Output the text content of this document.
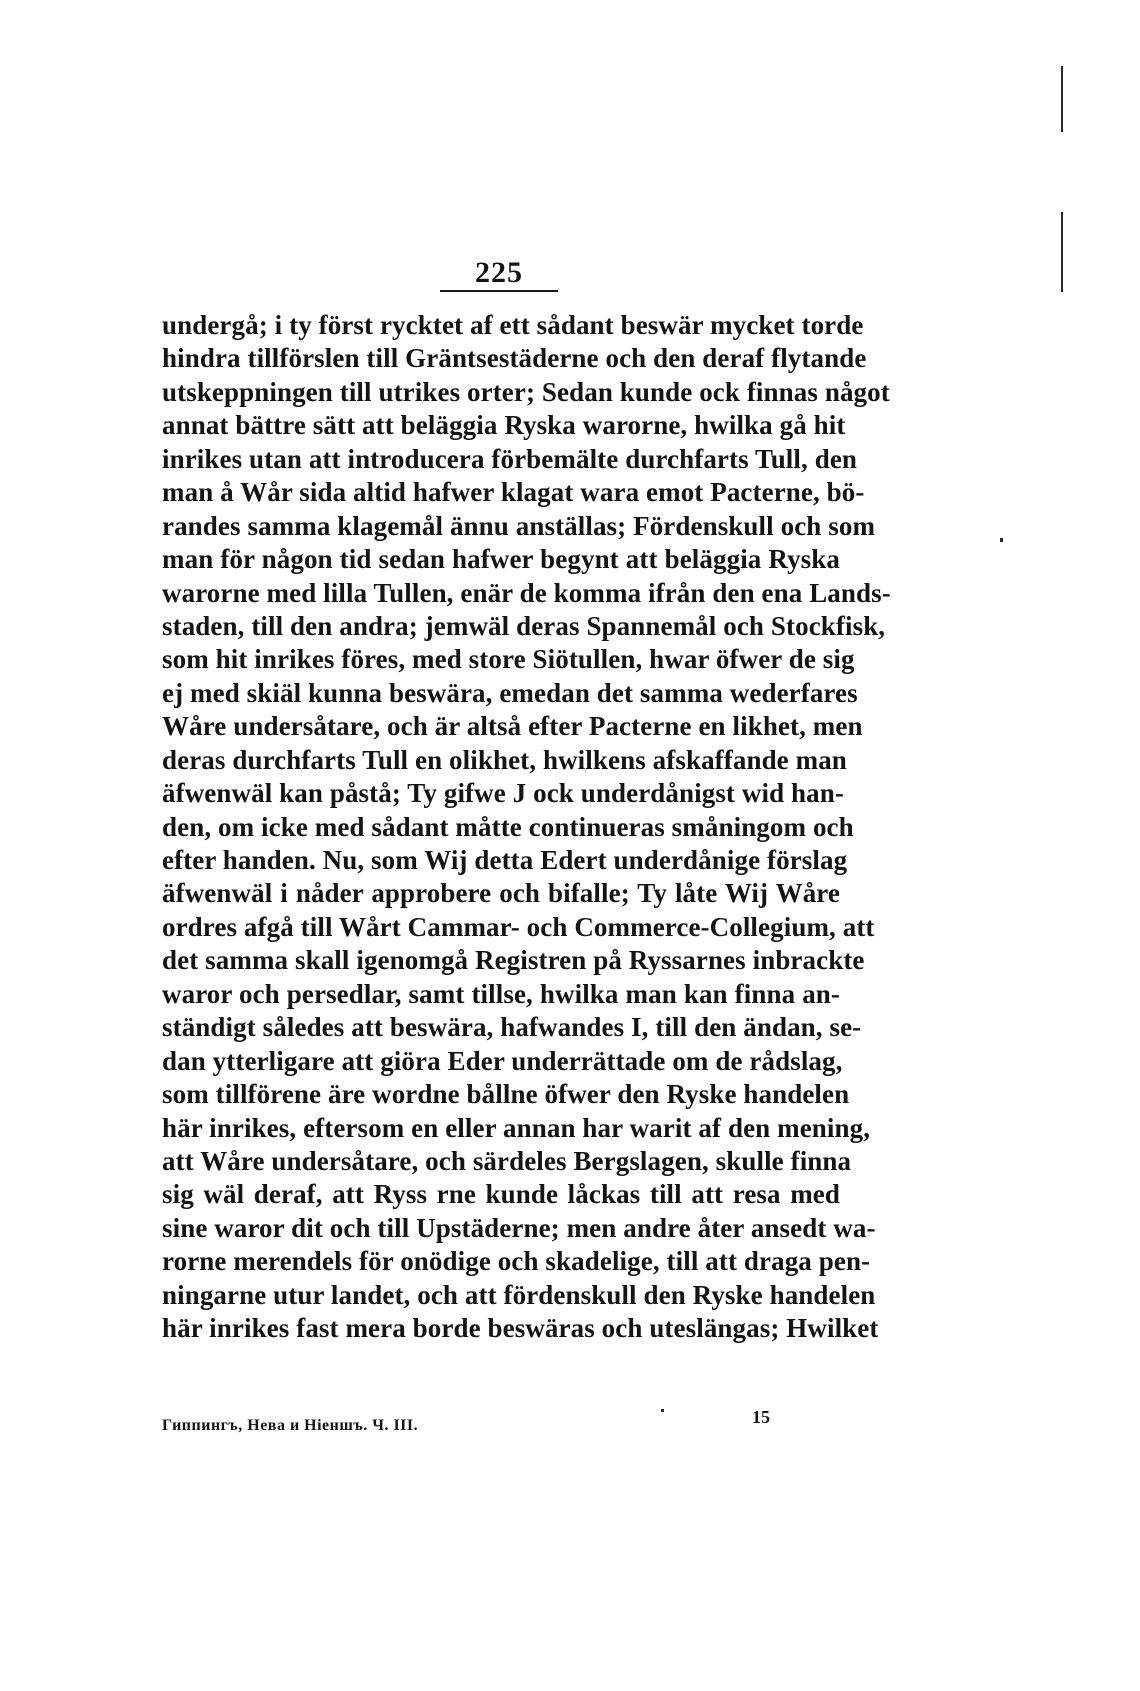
225
undergå; i ty först rycktet af ett sådant beswär mycket torde
hindra tillförslen till Gräntsestäderne och den deraf flytande
utskeppningen till utrikes orter; Sedan kunde ock finnas något
annat bättre sätt att beläggia Ryska warorne, hwilka gå hit
inrikes utan att introducera förbemälte durchfarts Tull, den
man å Wår sida altid hafwer klagat wara emot Pacterne, bö-
randes samma klagemål ännu anställas; Fördenskull och som
man för någon tid sedan hafwer begynt att beläggia Ryska
warorne med lilla Tullen, enär de komma ifrån den ena Lands-
staden, till den andra; jemwäl deras Spannemål och Stockfisk,
som hit inrikes föres, med store Siötullen, hwar öfwer de sig
ej med skiäl kunna beswära, emedan det samma wederfares
Wåre undersåtare, och är altså efter Pacterne en likhet, men
deras durchfarts Tull en olikhet, hwilkens afskaffande man
äfwenwäl kan påstå; Ty gifwe J ock underdånigst wid han-
den, om icke med sådant måtte continueras småningom och
efter handen. Nu, som Wij detta Edert underdånige förslag
äfwenwäl i nåder approbere och bifalle; Ty låte Wij Wåre
ordres afgå till Wårt Cammar- och Commerce-Collegium, att
det samma skall igenomgå Registren på Ryssarnes inbrackte
waror och persedlar, samt tillse, hwilka man kan finna an-
ständigt således att beswära, hafwandes I, till den ändan, se-
dan ytterligare att giöra Eder underrättade om de rådslag,
som tillförene äre wordne bållne öfwer den Ryske handelen
här inrikes, eftersom en eller annan har warit af den mening,
att Wåre undersåtare, och särdeles Bergslagen, skulle finna
sig wäl deraf, att Ryss rne kunde låckas till att resa med
sine waror dit och till Upstäderne; men andre åter ansedt wa-
rorne merendels för onödige och skadelige, till att draga pen-
ningarne utur landet, och att fördenskull den Ryske handelen
här inrikes fast mera borde beswäras och uteslängas; Hwilket
Гиппингъ, Нева и Ніеншъ. Ч. III.	15
